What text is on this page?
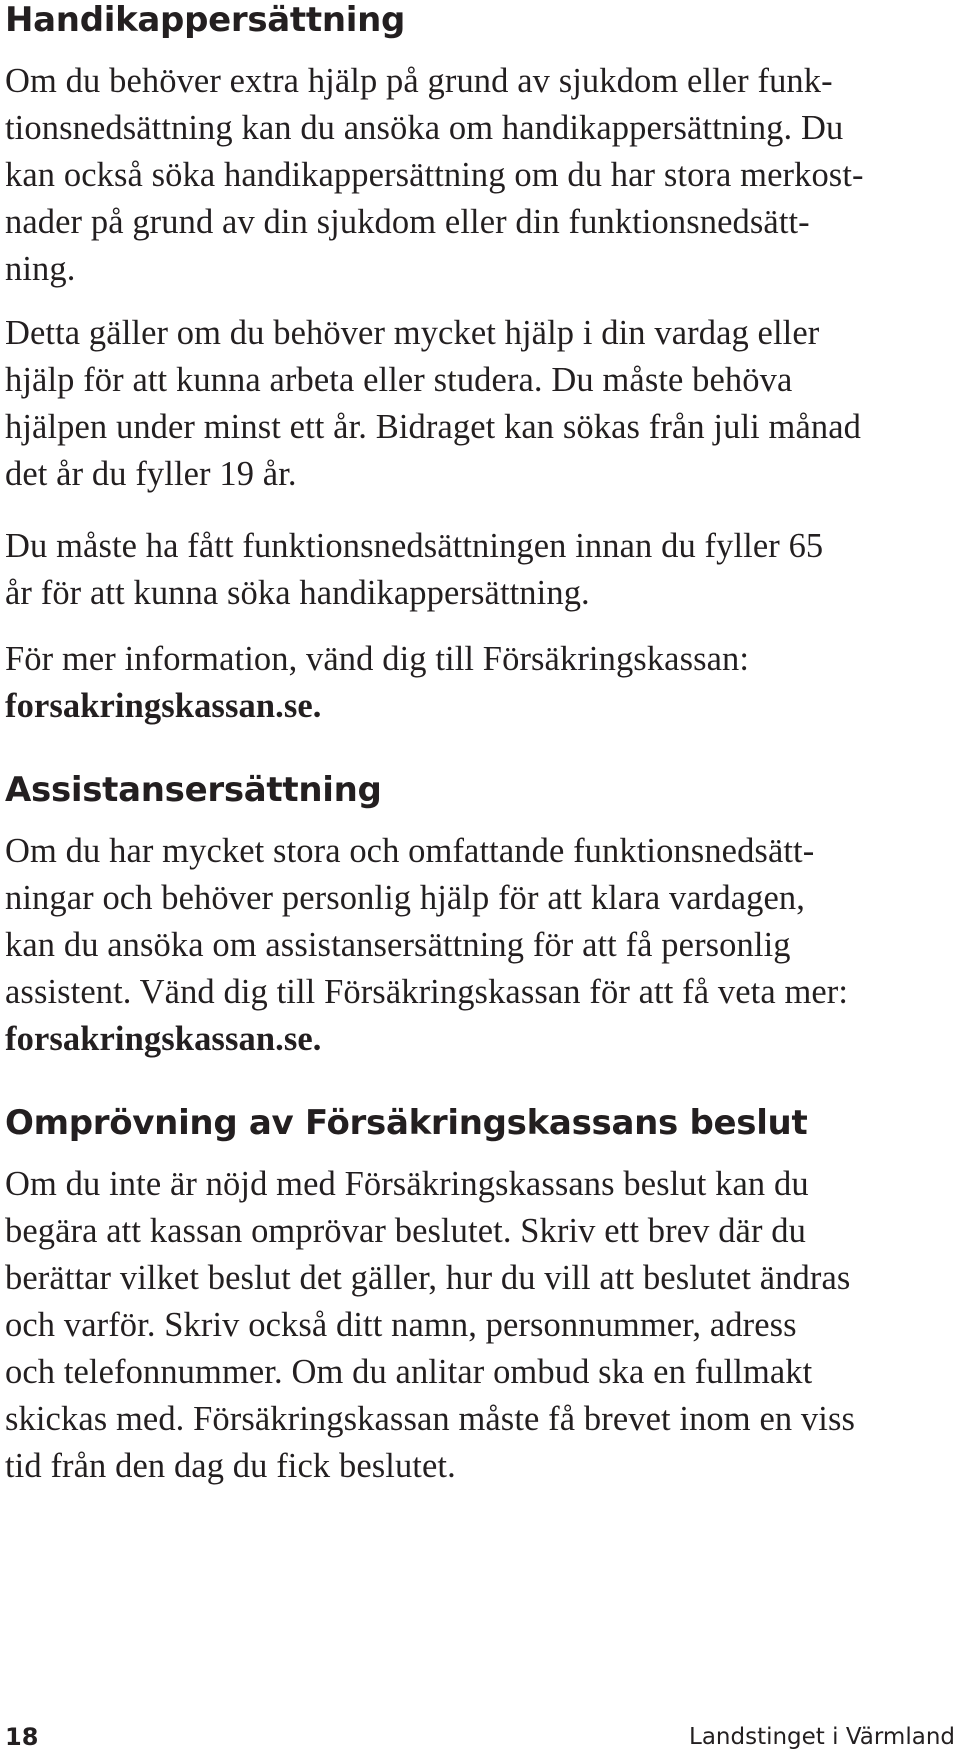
Handikappersättning

Om du behöver extra hjälp på grund av sjukdom eller funk-
tionsnedsättning kan du ansöka om handikappersättning. Du
kan också söka handikappersättning om du har stora merkost-
nader på grund av din sjukdom eller din funktionsnedsätt-
ning.

Detta gäller om du behöver mycket hjälp i din vardag eller
hjälp för att kunna arbeta eller studera. Du måste behöva
hjälpen under minst ett år. Bidraget kan sökas från juli månad
det år du fyller 19 år.

Du måste ha fått funktionsnedsättningen innan du fyller 65
år för att kunna söka handikappersättning.

För mer information, vänd dig till Försäkringskassan:
forsakringskassan.se.

Assistansersättning

Om du har mycket stora och omfattande funktionsnedsätt-
ningar och behöver personlig hjälp för att klara vardagen,
kan du ansöka om assistansersättning för att få personlig
assistent. Vänd dig till Försäkringskassan för att få veta mer:
forsakringskassan.se.

Omprövning av Försäkringskassans beslut

Om du inte är nöjd med Försäkringskassans beslut kan du
begära att kassan omprövar beslutet. Skriv ett brev där du
berättar vilket beslut det gäller, hur du vill att beslutet ändras
och varför. Skriv också ditt namn, personnummer, adress
och telefonnummer. Om du anlitar ombud ska en fullmakt
skickas med. Försäkringskassan måste få brevet inom en viss
tid från den dag du fick beslutet.

18	Landstinget i Värmland
